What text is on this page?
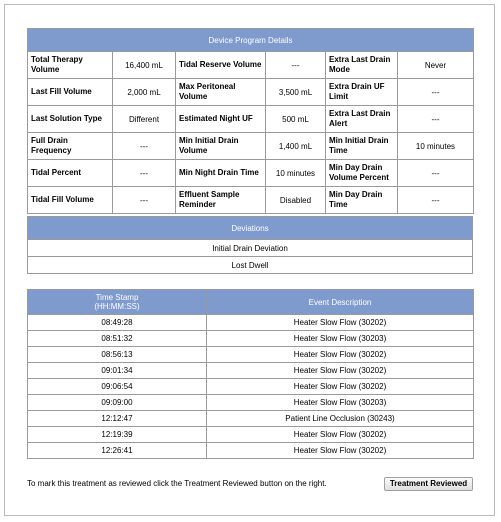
Device Program Details					
Total Therapy Volume	16,400 mL	Tidal Reserve Volume	---	Extra Last Drain Mode	Never
Last Fill Volume	2,000 mL	Max Peritoneal Volume	3,500 mL	Extra Drain UF Limit	---
Last Solution Type	Different	Estimated Night UF	500 mL	Extra Last Drain Alert	---
Full Drain Frequency	---	Min Initial Drain Volume	1,400 mL	Min Initial Drain Time	10 minutes
Tidal Percent	---	Min Night Drain Time	10 minutes	Min Day Drain Volume Percent	---
Tidal Fill Volume	---	Effluent Sample Reminder	Disabled	Min Day Drain Time	---
Deviations
Initial Drain Deviation
Lost Dwell
Time Stamp
(HH:MM:SS)	Event Description
08:49:28	Heater Slow Flow (30202)
08:51:32	Heater Slow Flow (30203)
08:56:13	Heater Slow Flow (30202)
09:01:34	Heater Slow Flow (30202)
09:06:54	Heater Slow Flow (30202)
09:09:00	Heater Slow Flow (30203)
12:12:47	Patient Line Occlusion (30243)
12:19:39	Heater Slow Flow (30202)
12:26:41	Heater Slow Flow (30202)
To mark this treatment as reviewed click the Treatment Reviewed button on the right.	Treatment Reviewed
